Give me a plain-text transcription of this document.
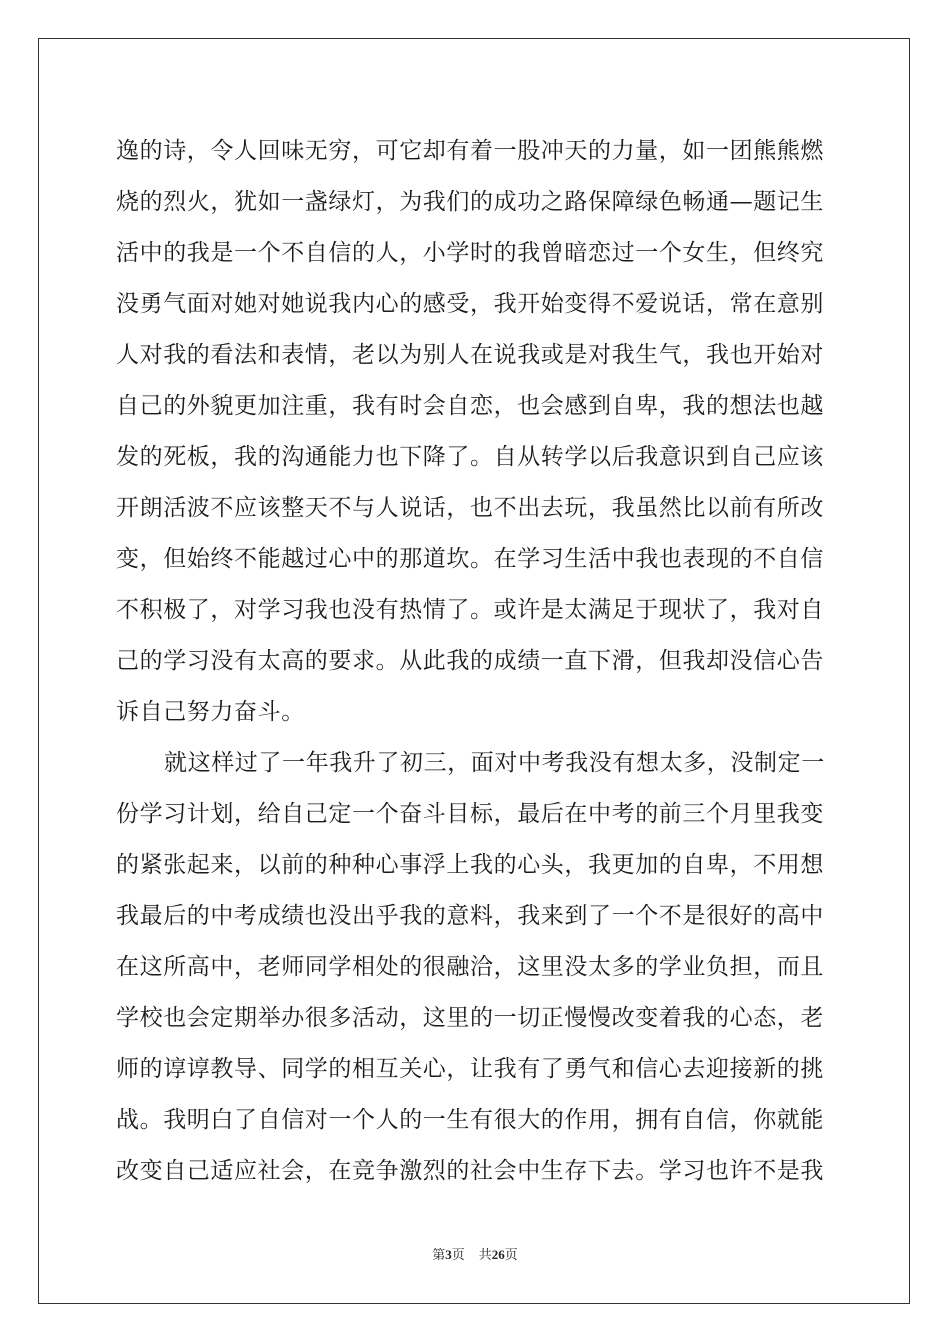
逸的诗，令人回味无穷，可它却有着一股冲天的力量，如一团熊熊燃
烧的烈火，犹如一盏绿灯，为我们的成功之路保障绿色畅通—题记生
活中的我是一个不自信的人，小学时的我曾暗恋过一个女生，但终究
没勇气面对她对她说我内心的感受，我开始变得不爱说话，常在意别
人对我的看法和表情，老以为别人在说我或是对我生气，我也开始对
自己的外貌更加注重，我有时会自恋，也会感到自卑，我的想法也越
发的死板，我的沟通能力也下降了。自从转学以后我意识到自己应该
开朗活波不应该整天不与人说话，也不出去玩，我虽然比以前有所改
变，但始终不能越过心中的那道坎。在学习生活中我也表现的不自信
不积极了，对学习我也没有热情了。或许是太满足于现状了，我对自
己的学习没有太高的要求。从此我的成绩一直下滑，但我却没信心告
诉自己努力奋斗。
就这样过了一年我升了初三，面对中考我没有想太多，没制定一
份学习计划，给自己定一个奋斗目标，最后在中考的前三个月里我变
的紧张起来，以前的种种心事浮上我的心头，我更加的自卑，不用想
我最后的中考成绩也没出乎我的意料，我来到了一个不是很好的高中
在这所高中，老师同学相处的很融洽，这里没太多的学业负担，而且
学校也会定期举办很多活动，这里的一切正慢慢改变着我的心态，老
师的谆谆教导、同学的相互关心，让我有了勇气和信心去迎接新的挑
战。我明白了自信对一个人的一生有很大的作用，拥有自信，你就能
改变自己适应社会，在竞争激烈的社会中生存下去。学习也许不是我
第3页 共26页
